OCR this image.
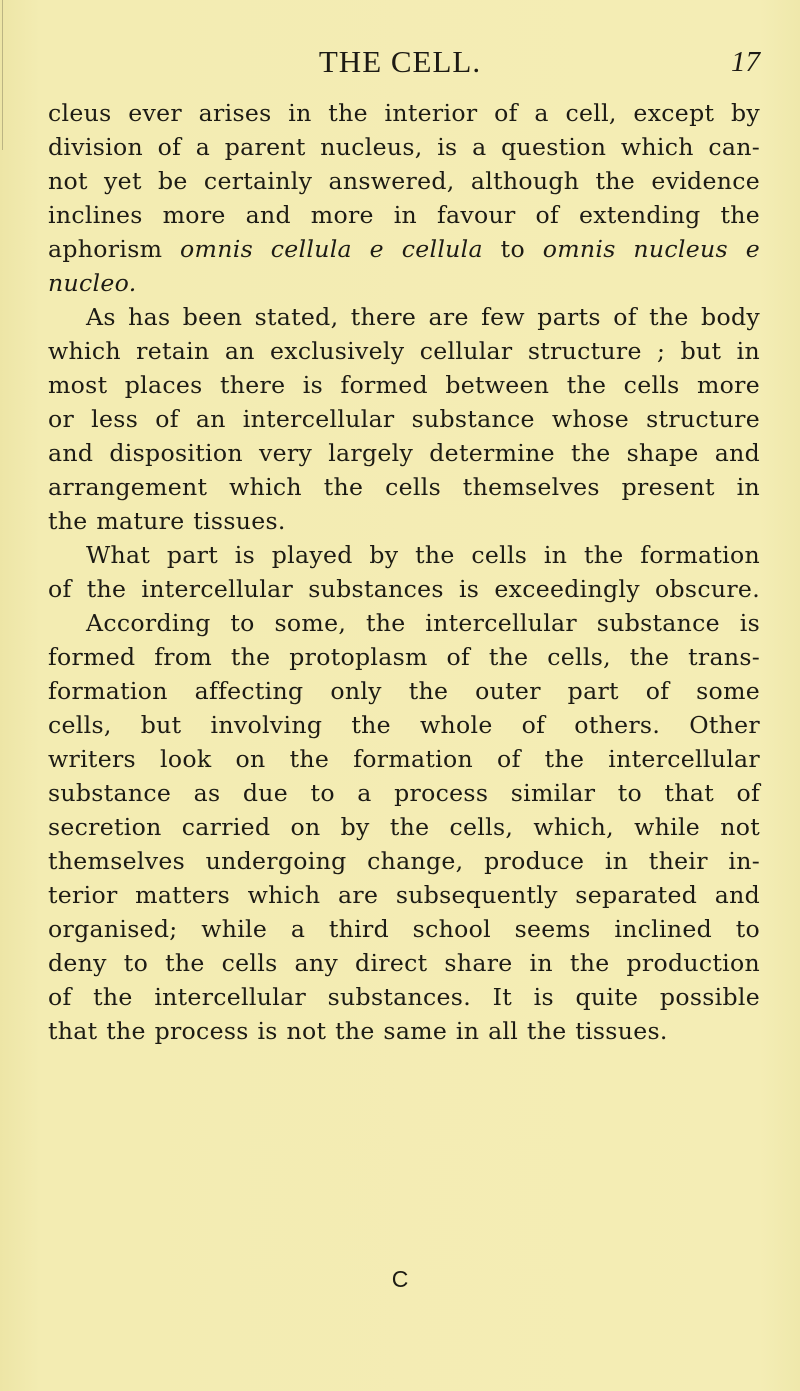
THE CELL.	17
cleus ever arises in the interior of a cell, except by
division of a parent nucleus, is a question which can-
not yet be certainly answered, although the evidence
inclines more and more in favour of extending the
aphorism omnis cellula e cellula to omnis nucleus e
nucleo.
As has been stated, there are few parts of the body
which retain an exclusively cellular structure ; but in
most places there is formed between the cells more
or less of an intercellular substance whose structure
and disposition very largely determine the shape and
arrangement which the cells themselves present in
the mature tissues.
What part is played by the cells in the formation
of the intercellular substances is exceedingly obscure.
According to some, the intercellular substance is
formed from the protoplasm of the cells, the trans-
formation affecting only the outer part of some
cells, but involving the whole of others. Other
writers look on the formation of the intercellular
substance as due to a process similar to that of
secretion carried on by the cells, which, while not
themselves undergoing change, produce in their in-
terior matters which are subsequently separated and
organised; while a third school seems inclined to
deny to the cells any direct share in the production
of the intercellular substances. It is quite possible
that the process is not the same in all the tissues.
C
